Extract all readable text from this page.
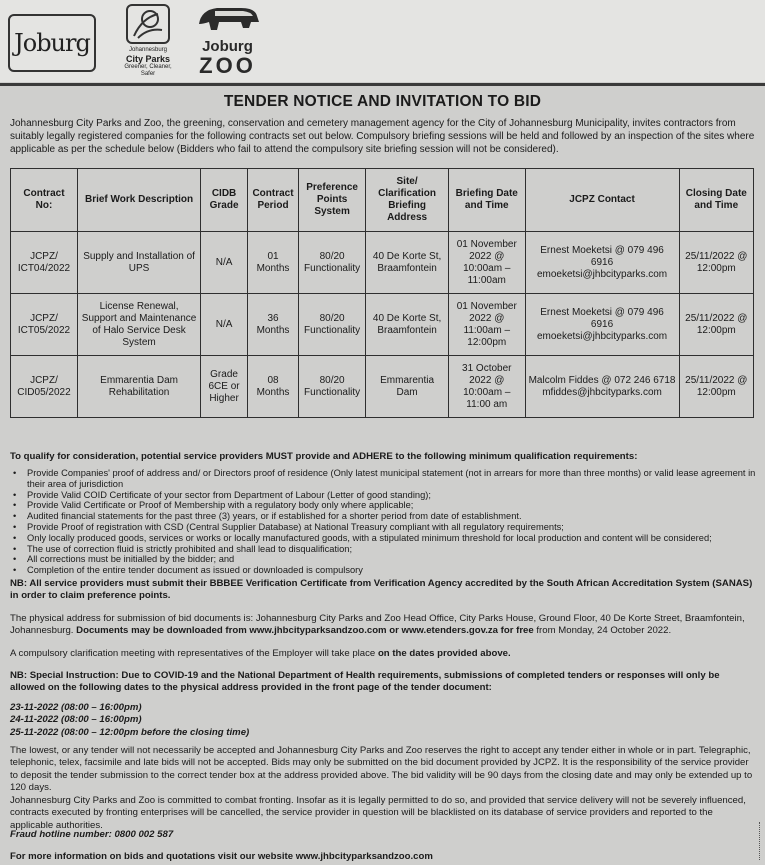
Joburg	Johannesburg
City Parks
Greener, Cleaner, Safer
Joburg
ZOO
TENDER NOTICE AND INVITATION TO BID
Johannesburg City Parks and Zoo, the greening, conservation and cemetery management agency for the City of Johannesburg Municipality, invites contractors from suitably legally registered companies for the following contracts set out below. Compulsory briefing sessions will be held and followed by an inspection of the sites where applicable as per the schedule below (Bidders who fail to attend the compulsory site briefing session will not be considered).
Contract No:	Brief Work Description	CIDB Grade	Contract Period	Preference Points System	Site/ Clarification Briefing Address	Briefing Date and Time	JCPZ Contact	Closing Date and Time
JCPZ/ ICT04/2022	Supply and Installation of UPS	N/A	01 Months	80/20 Functionality	40 De Korte St, Braamfontein	01 November 2022 @ 10:00am – 11:00am	Ernest Moeketsi @ 079 496 6916 emoeketsi@jhbcityparks.com	25/11/2022 @ 12:00pm
JCPZ/ ICT05/2022	License Renewal, Support and Maintenance of Halo Service Desk System	N/A	36 Months	80/20 Functionality	40 De Korte St, Braamfontein	01 November 2022 @ 11:00am – 12:00pm	Ernest Moeketsi @ 079 496 6916 emoeketsi@jhbcityparks.com	25/11/2022 @ 12:00pm
JCPZ/ CID05/2022	Emmarentia Dam Rehabilitation	Grade 6CE or Higher	08 Months	80/20 Functionality	Emmarentia Dam	31 October 2022 @ 10:00am – 11:00 am	Malcolm Fiddes @ 072 246 6718 mfiddes@jhbcityparks.com	25/11/2022 @ 12:00pm
To qualify for consideration, potential service providers MUST provide and ADHERE to the following minimum qualification requirements:
• Provide Companies' proof of address and/ or Directors proof of residence (Only latest municipal statement (not in arrears for more than three months) or valid lease agreement in their area of jurisdiction
• Provide Valid COID Certificate of your sector from Department of Labour (Letter of good standing);
• Provide Valid Certificate or Proof of Membership with a regulatory body only where applicable;
• Audited financial statements for the past three (3) years, or if established for a shorter period from date of establishment.
• Provide Proof of registration with CSD (Central Supplier Database) at National Treasury compliant with all regulatory requirements;
• Only locally produced goods, services or works or locally manufactured goods, with a stipulated minimum threshold for local production and content will be considered;
• The use of correction fluid is strictly prohibited and shall lead to disqualification;
• All corrections must be initialled by the bidder; and
• Completion of the entire tender document as issued or downloaded is compulsory
NB: All service providers must submit their BBBEE Verification Certificate from Verification Agency accredited by the South African Accreditation System (SANAS) in order to claim preference points.
The physical address for submission of bid documents is: Johannesburg City Parks and Zoo Head Office, City Parks House, Ground Floor, 40 De Korte Street, Braamfontein, Johannesburg. Documents may be downloaded from www.jhbcityparksandzoo.com or www.etenders.gov.za for free from Monday, 24 October 2022.
A compulsory clarification meeting with representatives of the Employer will take place on the dates provided above.
NB: Special Instruction: Due to COVID-19 and the National Department of Health requirements, submissions of completed tenders or responses will only be allowed on the following dates to the physical address provided in the front page of the tender document:
23-11-2022 (08:00 – 16:00pm)
24-11-2022 (08:00 – 16:00pm)
25-11-2022 (08:00 – 12:00pm before the closing time)
The lowest, or any tender will not necessarily be accepted and Johannesburg City Parks and Zoo reserves the right to accept any tender either in whole or in part. Telegraphic, telephonic, telex, facsimile and late bids will not be accepted. Bids may only be submitted on the bid document provided by JCPZ. It is the responsibility of the service provider to deposit the tender submission to the correct tender box at the address provided above. The bid validity will be 90 days from the closing date and may only be extended up to 120 days.
Johannesburg City Parks and Zoo is committed to combat fronting. Insofar as it is legally permitted to do so, and provided that service delivery will not be severely influenced, contracts executed by fronting enterprises will be cancelled, the service provider in question will be blacklisted on its database of service providers and reported to the applicable authorities.
Fraud hotline number: 0800 002 587
For more information on bids and quotations visit our website www.jhbcityparksandzoo.com
